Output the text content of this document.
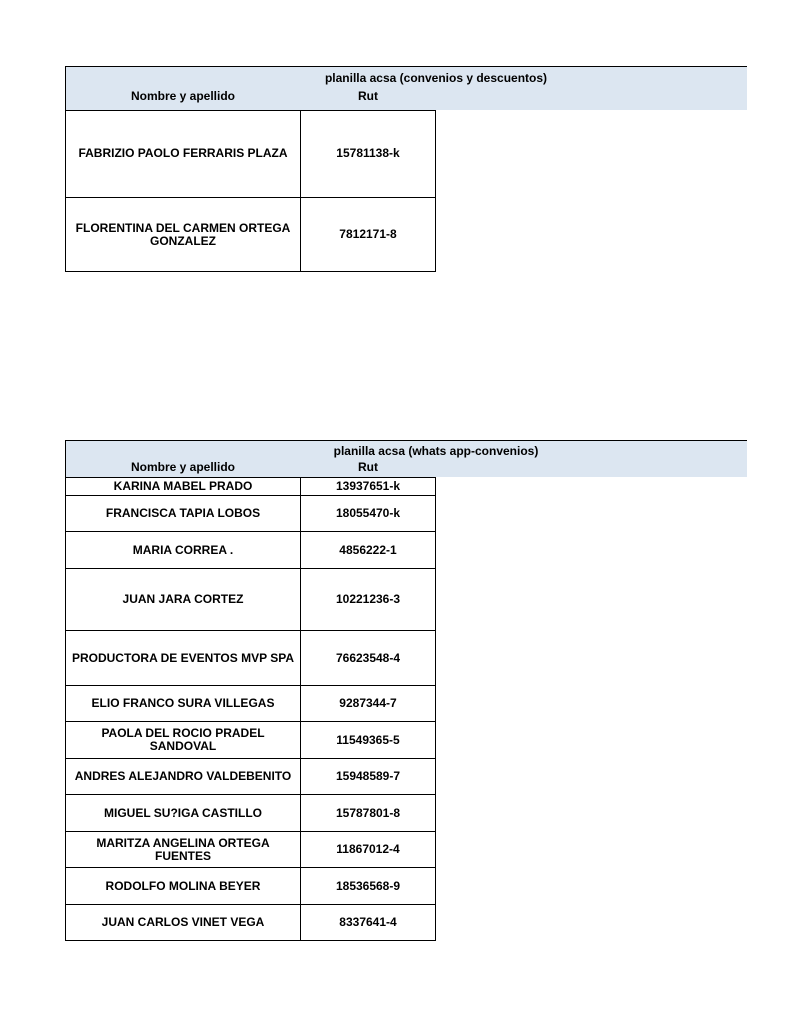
planilla acsa (convenios y descuentos)
Nombre y apellido	Rut
FABRIZIO PAOLO FERRARIS PLAZA	15781138-k
FLORENTINA DEL CARMEN ORTEGA GONZALEZ	7812171-8
planilla acsa (whats app-convenios)
Nombre y apellido	Rut
KARINA MABEL PRADO	13937651-k
FRANCISCA TAPIA LOBOS	18055470-k
MARIA CORREA .	4856222-1
JUAN JARA CORTEZ	10221236-3
PRODUCTORA DE EVENTOS MVP SPA	76623548-4
ELIO FRANCO SURA VILLEGAS	9287344-7
PAOLA DEL ROCIO PRADEL SANDOVAL	11549365-5
ANDRES ALEJANDRO VALDEBENITO	15948589-7
MIGUEL SU?IGA CASTILLO	15787801-8
MARITZA ANGELINA ORTEGA FUENTES	11867012-4
RODOLFO MOLINA BEYER	18536568-9
JUAN CARLOS VINET VEGA	8337641-4
